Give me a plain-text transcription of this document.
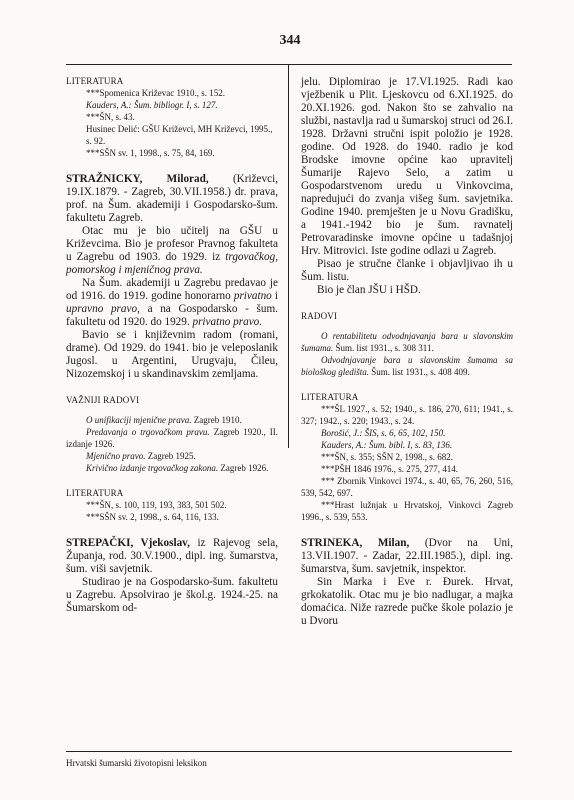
344

LITERATURA

***Spomenica Križevac 1910., s. 152.
Kauders, A.: Šum. bibliogr. I, s. 127.
***ŠN, s. 43.
Husinec Delić: GŠU Križevci, MH Križevci, 1995., s. 92.
***SŠN sv. 1, 1998., s. 75, 84, 169.

STRAŽNICKY, Milorad, (Križevci, 19.IX.1879. - Zagreb, 30.VII.1958.) dr. prava, prof. na Šum. akademiji i Gospodarsko-šum. fakultetu Zagreb.

Otac mu je bio učitelj na GŠU u Križevcima. Bio je profesor Pravnog fakulteta u Zagrebu od 1903. do 1929. iz trgovačkog, pomorskog i mjeničnog prava.

Na Šum. akademiji u Zagrebu predavao je od 1916. do 1919. godine honorarno privatno i upravno pravo, a na Gospodarsko - šum. fakultetu od 1920. do 1929. privatno pravo.

Bavio se i književnim radom (romani, drame). Od 1929. do 1941. bio je veleposlanik Jugosl. u Argentini, Urugvaju, Čileu, Nizozemskoj i u skandinavskim zemljama.

VAŽNIJI RADOVI

O unifikaciji mjenične prava. Zagreb 1910.

Predavanja o trgovačkom pravu. Zagreb 1920., II. izdanje 1926.

Mjenično pravo. Zagreb 1925.

Krivično izdanje trgovačkog zakona. Zagreb 1926.

LITERATURA

***ŠN, s. 100, 119, 193, 383, 501 502.
***SŠN sv. 2, 1998., s. 64, 116, 133.

STREPAČKI, Vjekoslav, iz Rajevog sela, Županja, rod. 30.V.1900., dipl. ing. šumarstva, šum. viši savjetnik.

Studirao je na Gospodarsko-šum. fakultetu u Zagrebu. Apsolvirao je škol.g. 1924.-25. na Šumarskom od-

jelu. Diplomirao je 17.VI.1925. Radi kao vježbenik u Plit. Ljeskovcu od 6.XI.1925. do 20.XI.1926. god. Nakon što se zahvalio na službi, nastavlja rad u šumarskoj struci od 26.I. 1928. Državni stručni ispit položio je 1928. godine. Od 1928. do 1940. radio je kod Brodske imovne općine kao upravitelj Šumarije Rajevo Selo, a zatim u Gospodarstvenom uredu u Vinkovcima, napredujući do zvanja višeg šum. savjetnika. Godine 1940. premješten je u Novu Gradišku, a 1941.-1942 bio je šum. ravnatelj Petrovaradinske imovne općine u tadašnjoj Hrv. Mitrovici. Iste godine odlazi u Zagreb.

Pisao je stručne članke i objavljivao ih u Šum. listu.

Bio je član JŠU i HŠD.

RADOVI

O rentabilitetu odvodnjavanja bara u slavonskim šumama. Šum. list 1931., s. 308 311.

Odvodnjavanje bara u slavonskim šumama sa biološkog gledišta. Šum. list 1931., s. 408 409.

LITERATURA

***ŠL 1927., s. 52; 1940., s. 186, 270, 611; 1941., s. 327; 1942., s. 220; 1943., s. 24.

Borošić, J.: ŠIS, s. 6, 65, 102, 150.

Kauders, A.: Šum. bibl. I, s. 83, 136.

***ŠN, s. 355; SŠN 2, 1998., s. 682.

***PŠH 1846 1976., s. 275, 277, 414.

*** Zbornik Vinkovci 1974., s. 40, 65, 76, 260, 516, 539, 542, 697.

***Hrast lužnjak u Hrvatskoj, Vinkovci Zagreb 1996., s. 539, 553.

STRINEKA, Milan, (Dvor na Uni, 13.VII.1907. - Zadar, 22.III.1985.), dipl. ing. šumarstva, šum. savjetnik, inspektor.

Sin Marka i Eve r. Đurek. Hrvat, grkokatolik. Otac mu je bio nadlugar, a majka domaćica. Niže razrede pučke škole polazio je u Dvoru

Hrvatski šumarski životopisni leksikon
